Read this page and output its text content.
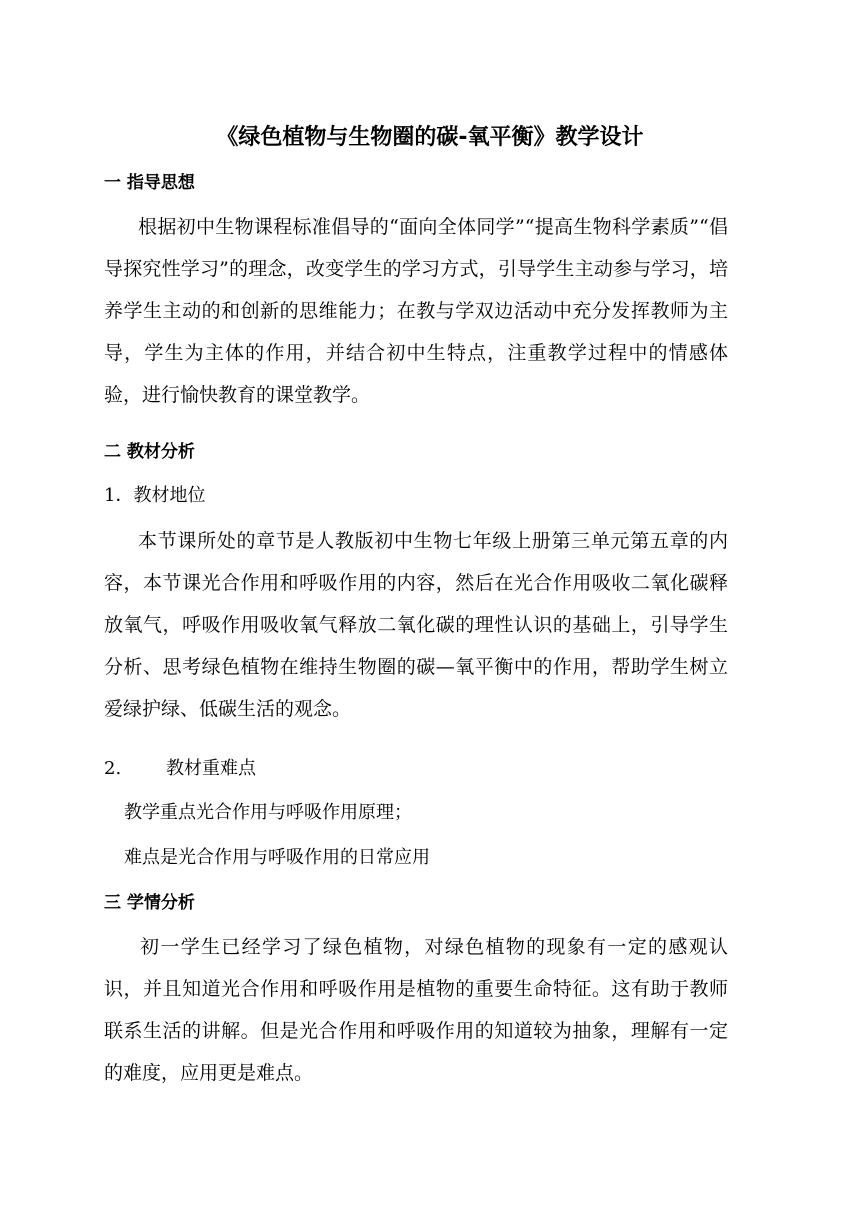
《绿色植物与生物圈的碳-氧平衡》教学设计
一 指导思想
根据初中生物课程标准倡导的“面向全体同学”“提高生物科学素质”“倡导探究性学习”的理念，改变学生的学习方式，引导学生主动参与学习，培养学生主动的和创新的思维能力；在教与学双边活动中充分发挥教师为主导，学生为主体的作用，并结合初中生特点，注重教学过程中的情感体验，进行愉快教育的课堂教学。
二 教材分析
1．教材地位
本节课所处的章节是人教版初中生物七年级上册第三单元第五章的内容，本节课光合作用和呼吸作用的内容，然后在光合作用吸收二氧化碳释放氧气，呼吸作用吸收氧气释放二氧化碳的理性认识的基础上，引导学生分析、思考绿色植物在维持生物圈的碳—氧平衡中的作用，帮助学生树立爱绿护绿、低碳生活的观念。
2. 教材重难点
教学重点光合作用与呼吸作用原理；
难点是光合作用与呼吸作用的日常应用
三 学情分析
初一学生已经学习了绿色植物，对绿色植物的现象有一定的感观认识，并且知道光合作用和呼吸作用是植物的重要生命特征。这有助于教师联系生活的讲解。但是光合作用和呼吸作用的知道较为抽象，理解有一定的难度，应用更是难点。
